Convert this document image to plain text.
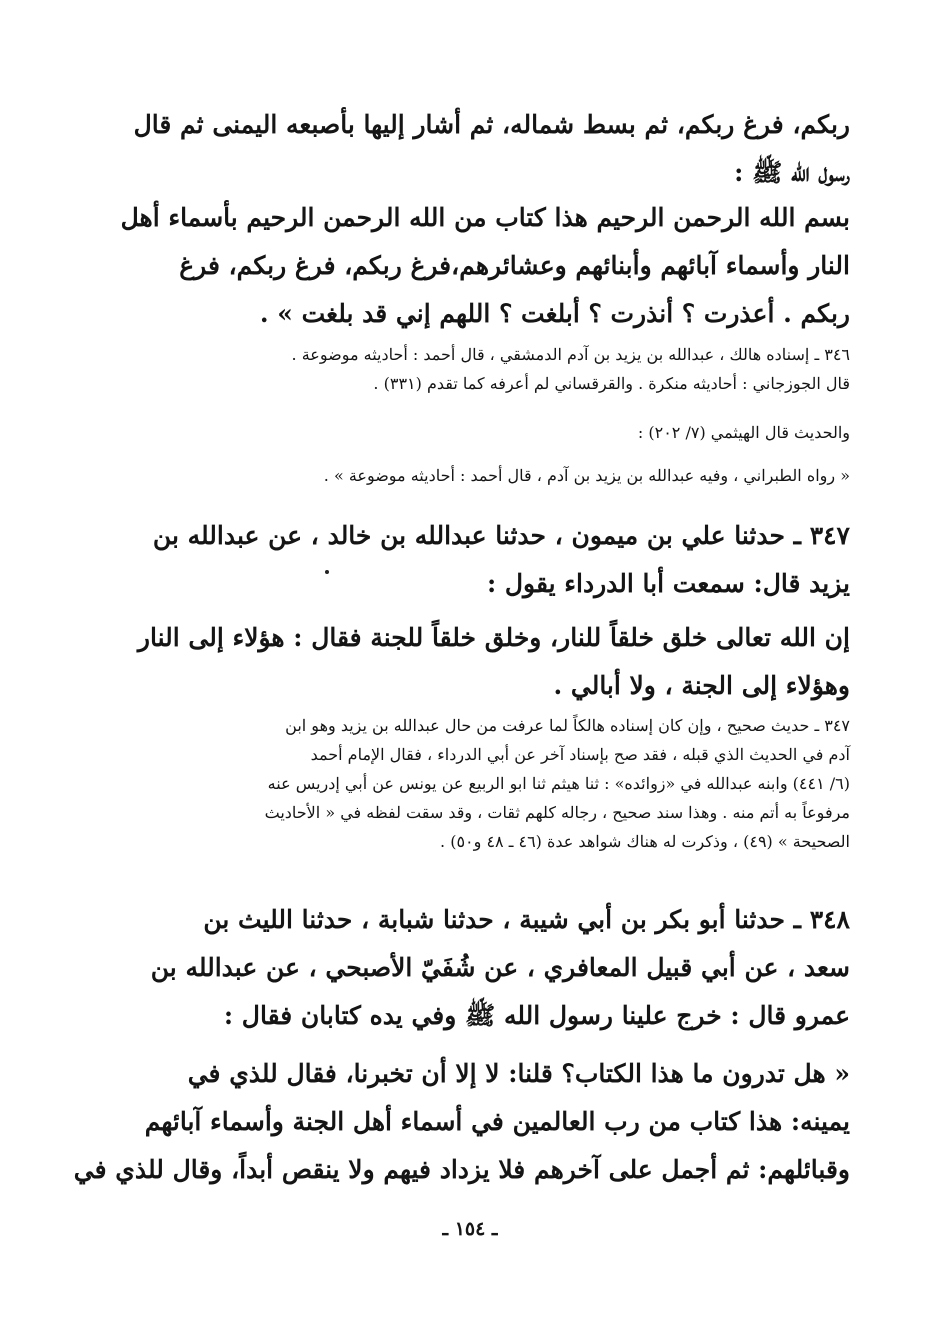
ربكم، فرغ ربكم، ثم بسط شماله، ثم أشار إليها بأصبعه اليمنى ثم قال
رسول الله ﷺ :
بسم الله الرحمن الرحيم هذا كتاب من الله الرحمن الرحيم بأسماء أهل
النار وأسماء آبائهم وأبنائهم وعشائرهم،فرغ ربكم، فرغ ربكم، فرغ
ربكم . أعذرت ؟ أنذرت ؟ أبلغت ؟ اللهم إني قد بلغت » .
٣٤٦ ـ إسناده هالك ، عبدالله بن يزيد بن آدم الدمشقي ، قال أحمد : أحاديثه موضوعة .
قال الجوزجاني : أحاديثه منكرة . والقرقساني لم أعرفه كما تقدم (٣٣١) .
والحديث قال الهيثمي (٧/ ٢٠٢) :
« رواه الطبراني ، وفيه عبدالله بن يزيد بن آدم ، قال أحمد : أحاديثه موضوعة » .
٣٤٧ ـ حدثنا علي بن ميمون ، حدثنا عبدالله بن خالد ، عن عبدالله بن
يزيد قال: سمعت أبا الدرداء يقول :
إن الله تعالى خلق خلقاً للنار، وخلق خلقاً للجنة فقال : هؤلاء إلى النار
وهؤلاء إلى الجنة ، ولا أبالي .
٣٤٧ ـ حديث صحيح ، وإن كان إسناده هالكاً لما عرفت من حال عبدالله بن يزيد وهو ابن
آدم في الحديث الذي قبله ، فقد صح بإسناد آخر عن أبي الدرداء ، فقال الإمام أحمد
(٦/ ٤٤١) وابنه عبدالله في «زوائده» : ثنا هيثم ثنا ابو الربيع عن يونس عن أبي إدريس عنه
مرفوعاً به أتم منه . وهذا سند صحيح ، رجاله كلهم ثقات ، وقد سقت لفظه في « الأحاديث
الصحيحة » (٤٩) ، وذكرت له هناك شواهد عدة (٤٦ ـ ٤٨ و٥٠) .
٣٤٨ ـ حدثنا أبو بكر بن أبي شيبة ، حدثنا شبابة ، حدثنا الليث بن
سعد ، عن أبي قبيل المعافري ، عن شُفَيّ الأصبحي ، عن عبدالله بن
عمرو قال : خرج علينا رسول الله ﷺ وفي يده كتابان فقال :
« هل تدرون ما هذا الكتاب؟ قلنا: لا إلا أن تخبرنا، فقال للذي في
يمينه: هذا كتاب من رب العالمين في أسماء أهل الجنة وأسماء آبائهم
وقبائلهم: ثم أجمل على آخرهم فلا يزداد فيهم ولا ينقص أبداً، وقال للذي في
ـ ١٥٤ ـ
